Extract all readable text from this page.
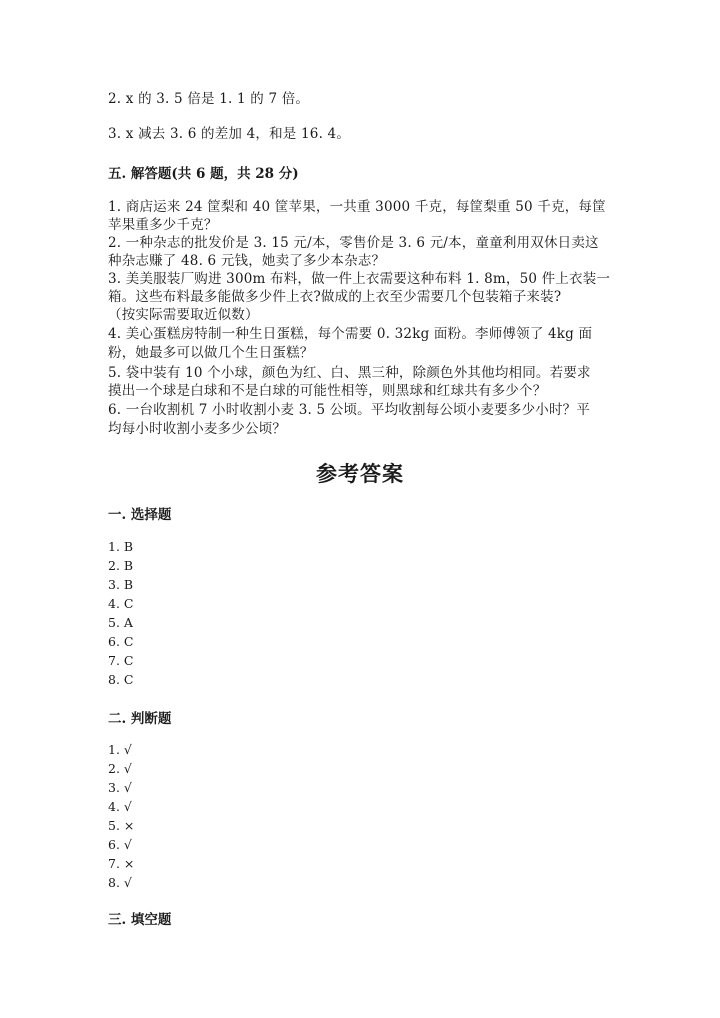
2. x 的 3. 5 倍是 1. 1 的 7 倍。
3. x 减去 3. 6 的差加 4，和是 16. 4。
五. 解答题(共 6 题，共 28 分)
1. 商店运来 24 筐梨和 40 筐苹果，一共重 3000 千克，每筐梨重 50 千克，每筐
苹果重多少千克？
2. 一种杂志的批发价是 3. 15 元/本，零售价是 3. 6 元/本，童童利用双休日卖这
种杂志赚了 48. 6 元钱，她卖了多少本杂志？
3. 美美服装厂购进 300m 布料，做一件上衣需要这种布料 1. 8m，50 件上衣装一
箱。这些布料最多能做多少件上衣?做成的上衣至少需要几个包装箱子来装?
（按实际需要取近似数）
4. 美心蛋糕房特制一种生日蛋糕，每个需要 0. 32kg 面粉。李师傅领了 4kg 面
粉，她最多可以做几个生日蛋糕？
5. 袋中装有 10 个小球，颜色为红、白、黑三种，除颜色外其他均相同。若要求
摸出一个球是白球和不是白球的可能性相等，则黑球和红球共有多少个？
6. 一台收割机 7 小时收割小麦 3. 5 公顷。平均收割每公顷小麦要多少小时？平
均每小时收割小麦多少公顷？
参考答案
一. 选择题
1. B
2. B
3. B
4. C
5. A
6. C
7. C
8. C
二. 判断题
1. √
2. √
3. √
4. √
5. ×
6. √
7. ×
8. √
三. 填空题
